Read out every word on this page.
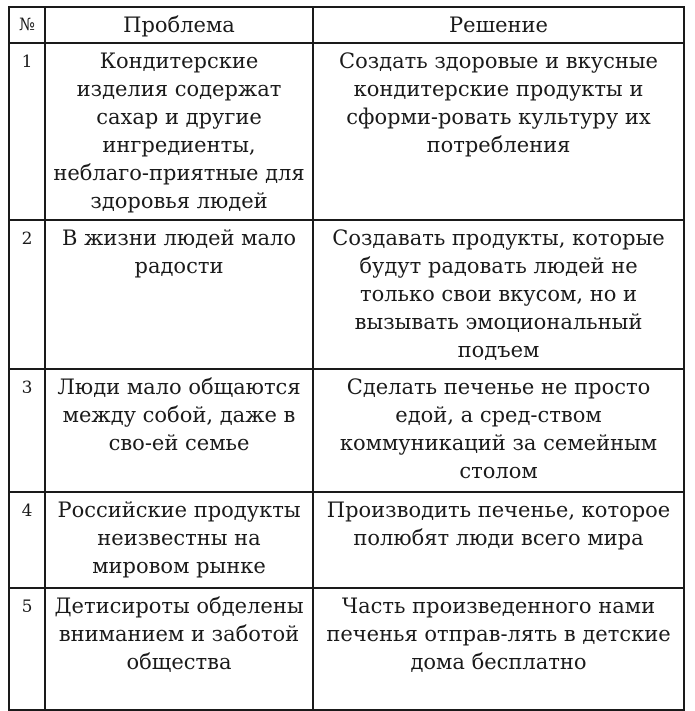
№	Проблема	Решение
1	Кондитерские изделия содержат сахар и другие ингредиенты, неблаго-приятные для здоровья людей	Создать здоровые и вкусные кондитерские продукты и сформи-ровать культуру их потребления
2	В жизни людей мало радости	Создавать продукты, которые будут радовать людей не только свои вкусом, но и вызывать эмоциональный подъем
3	Люди мало общаются между собой, даже в сво-ей семье	Сделать печенье не просто едой, а сред-ством коммуникаций за семейным столом
4	Российские продукты неизвестны на мировом рынке	Производить печенье, которое полюбят люди всего мира
5	Детисироты обделены вниманием и заботой общества	Часть произведенного нами печенья отправ-лять в детские дома бесплатно
